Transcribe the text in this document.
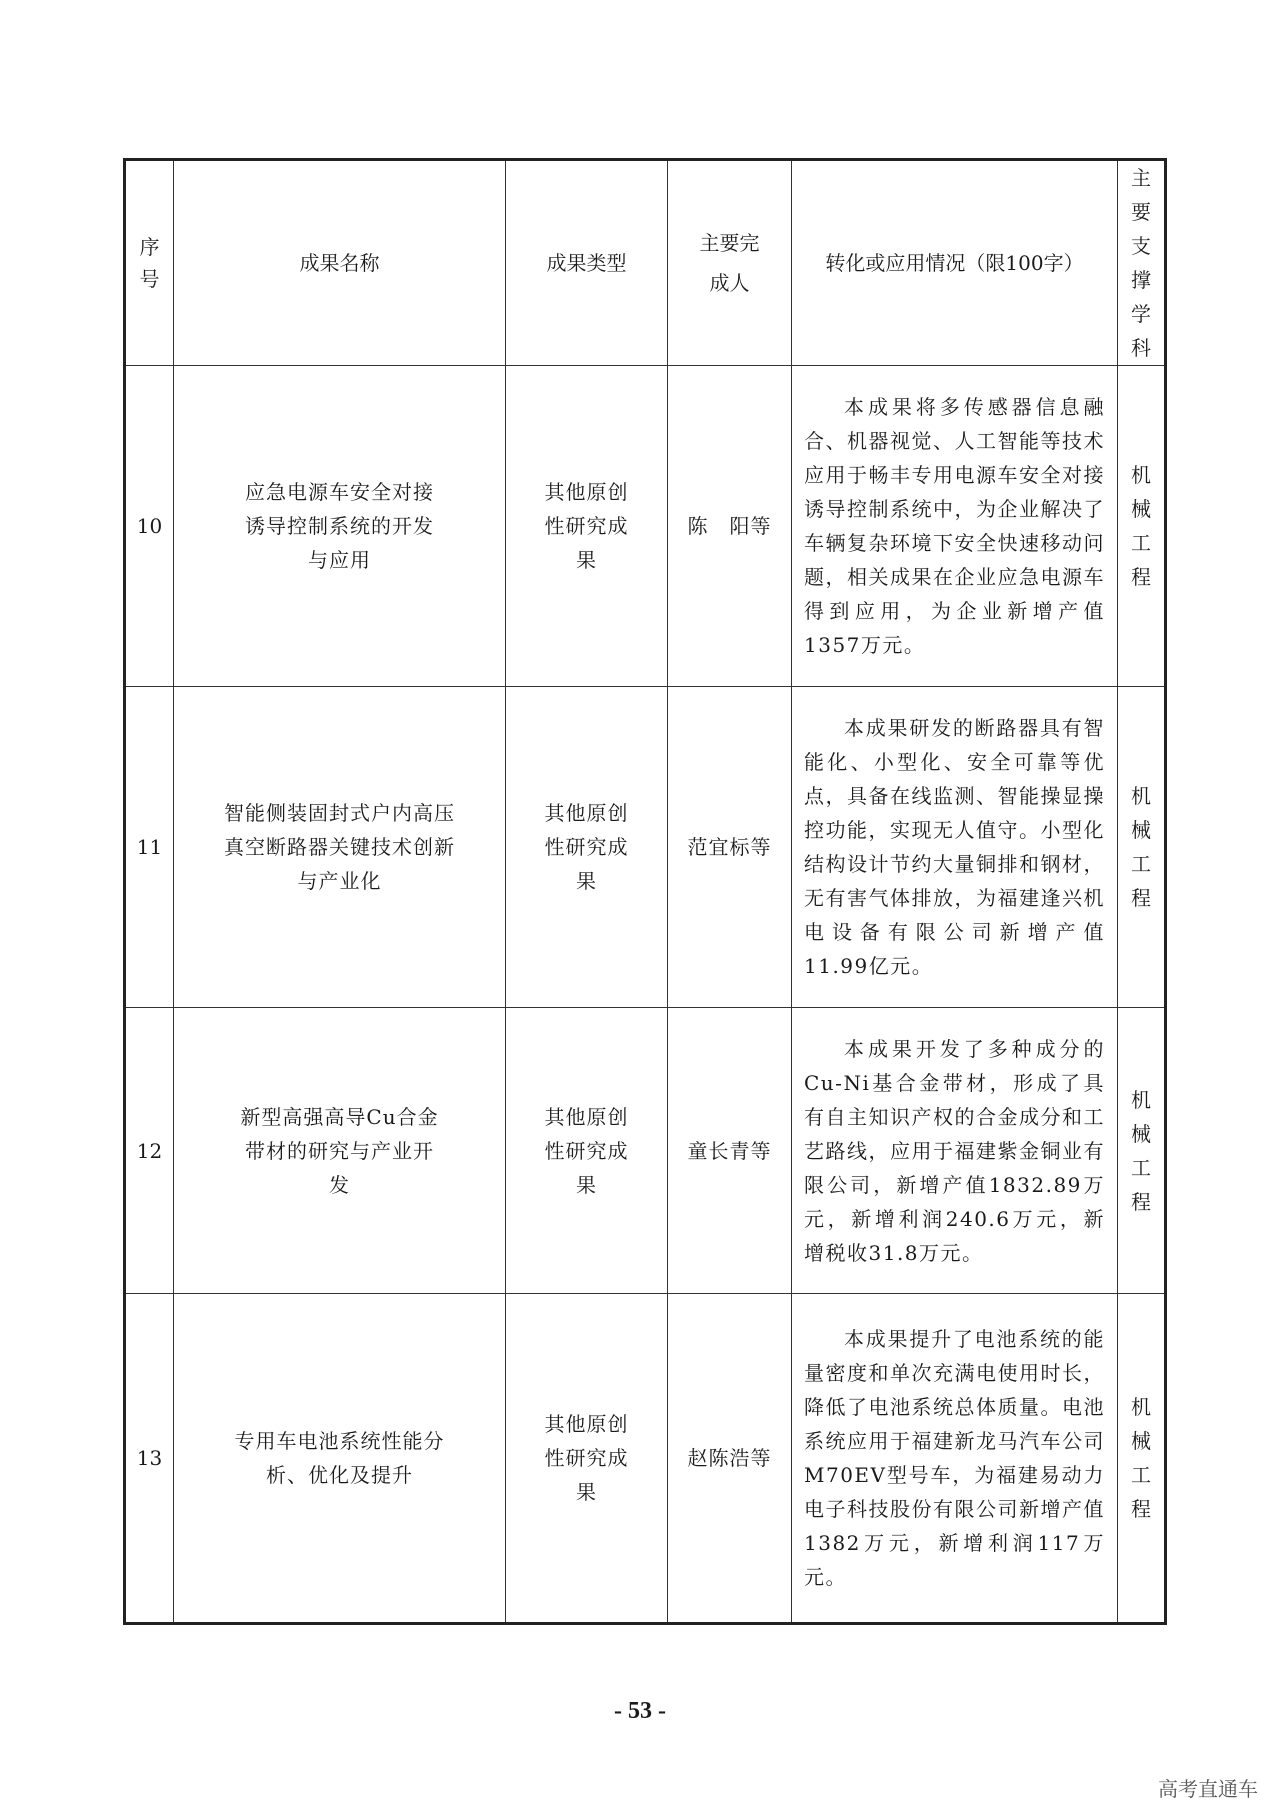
序号	成果名称	成果类型	主要完成人	转化或应用情况（限100字）	主要支撑学科
10	应急电源车安全对接诱导控制系统的开发与应用	其他原创性研究成果	陈　阳等	本成果将多传感器信息融合、机器视觉、人工智能等技术应用于畅丰专用电源车安全对接诱导控制系统中，为企业解决了车辆复杂环境下安全快速移动问题，相关成果在企业应急电源车得到应用，为企业新增产值1357万元。	机械工程
11	智能侧装固封式户内高压真空断路器关键技术创新与产业化	其他原创性研究成果	范宜标等	本成果研发的断路器具有智能化、小型化、安全可靠等优点，具备在线监测、智能操显操控功能，实现无人值守。小型化结构设计节约大量铜排和钢材，无有害气体排放，为福建逢兴机电设备有限公司新增产值11.99亿元。	机械工程
12	新型高强高导Cu合金带材的研究与产业开发	其他原创性研究成果	童长青等	本成果开发了多种成分的Cu-Ni基合金带材，形成了具有自主知识产权的合金成分和工艺路线，应用于福建紫金铜业有限公司，新增产值1832.89万元，新增利润240.6万元，新增税收31.8万元。	机械工程
13	专用车电池系统性能分析、优化及提升	其他原创性研究成果	赵陈浩等	本成果提升了电池系统的能量密度和单次充满电使用时长，降低了电池系统总体质量。电池系统应用于福建新龙马汽车公司M70EV型号车，为福建易动力电子科技股份有限公司新增产值1382万元，新增利润117万元。	机械工程
- 53 -
高考直通车
